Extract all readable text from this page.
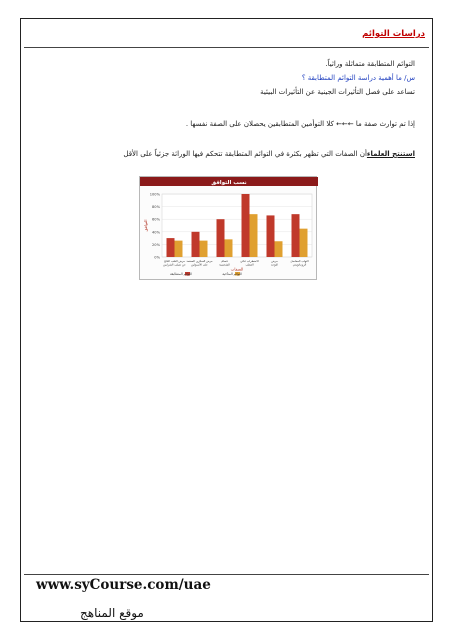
دراسات التوائم
التوائم المتطابقة متماثلة وراثياً.
س/ ما أهمية دراسة التوائم المتطابقة ؟
تساعد على فصل التأثيرات الجينية عن التأثيرات البيئية
إذا تم توارث صفة ما ←←← كلا التوأمين المتطابقين يحصلان على الصفة نفسها .
استنتج العلماءأن الصفات التي تظهر بكثرة في التوائم المتطابقة تتحكم فيها الوراثة جزئياً على الأقل
نسب التوافق
0%
20%
40%
60%
80%
100%
التوافق
مرض القلب الناتج
عن تصلب الشرايين
مرض السكري المعتمد
على الأنسولين
فصام
الشخصية
الاضطراب ثنائي
القطب
مرض
التوحد
التهاب المفاصل
الروماتويدي
الصفات
التوائم المتطابقة	التوائم المتآخية
www.syCourse.com/uae
موقع المناهج
